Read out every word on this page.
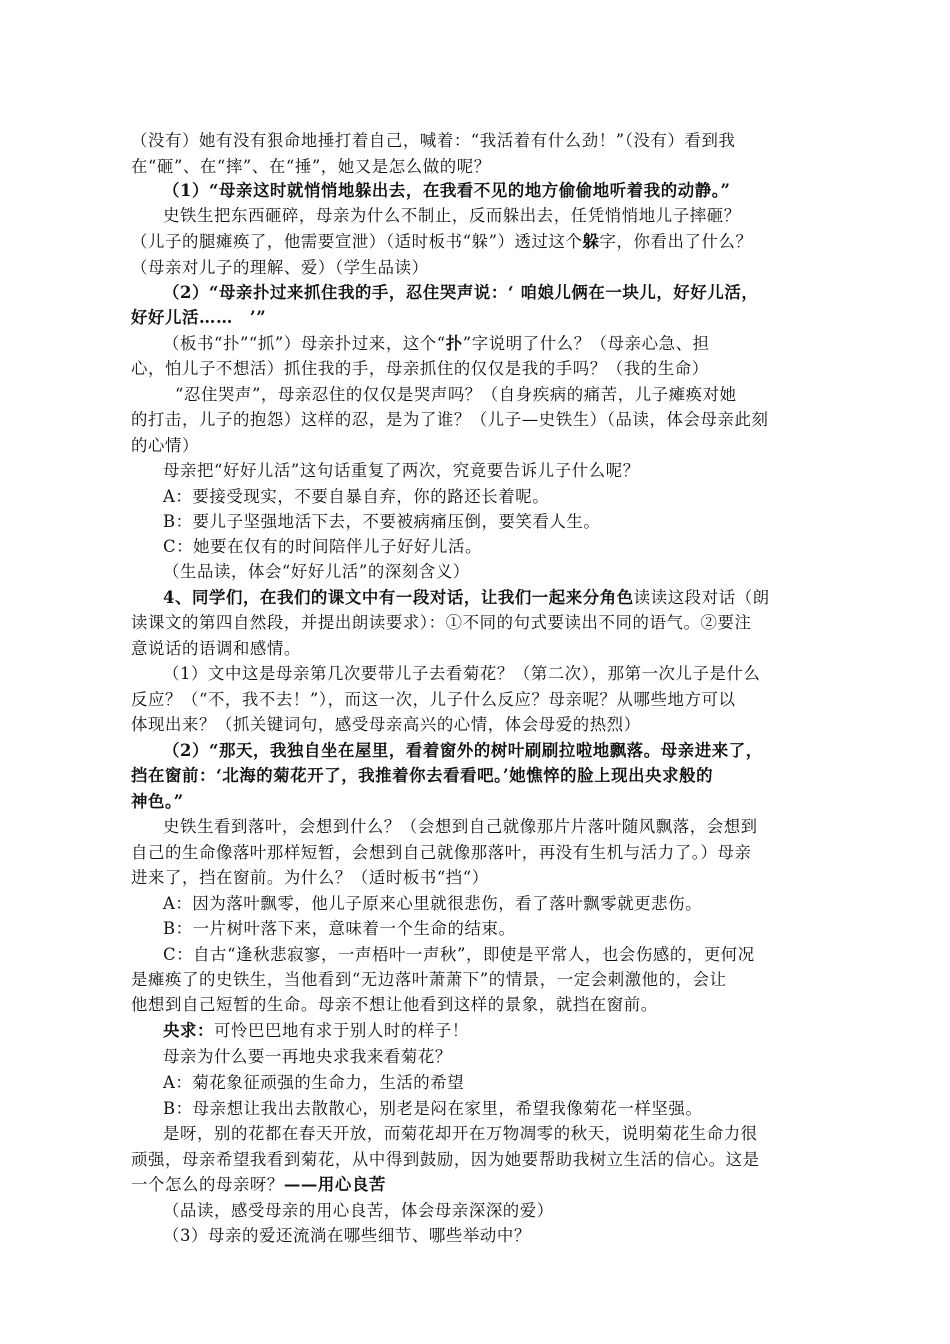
（没有）她有没有狠命地捶打着自己，喊着：“我活着有什么劲！”（没有）看到我
在“砸”、在“摔”、在“捶”，她又是怎么做的呢？
（1）“母亲这时就悄悄地躲出去，在我看不见的地方偷偷地听着我的动静。”
史铁生把东西砸碎，母亲为什么不制止，反而躲出去，任凭悄悄地儿子摔砸？
（儿子的腿瘫痪了，他需要宣泄）（适时板书“躲”）透过这个躲字，你看出了什么？
（母亲对儿子的理解、爱）（学生品读）
（2）“母亲扑过来抓住我的手，忍住哭声说：‘ 咱娘儿俩在一块儿，好好儿活，
好好儿活……　’”
（板书“扑”“抓”）母亲扑过来，这个“扑”字说明了什么？（母亲心急、担
心，怕儿子不想活）抓住我的手，母亲抓住的仅仅是我的手吗？（我的生命）
“忍住哭声”，母亲忍住的仅仅是哭声吗？（自身疾病的痛苦，儿子瘫痪对她
的打击，儿子的抱怨）这样的忍，是为了谁？（儿子—史铁生）（品读，体会母亲此刻
的心情）
母亲把“好好儿活”这句话重复了两次，究竟要告诉儿子什么呢？
A：要接受现实，不要自暴自弃，你的路还长着呢。
B：要儿子坚强地活下去，不要被病痛压倒，要笑看人生。
C：她要在仅有的时间陪伴儿子好好儿活。
（生品读，体会“好好儿活”的深刻含义）
4、同学们，在我们的课文中有一段对话，让我们一起来分角色读读这段对话（朗
读课文的第四自然段，并提出朗读要求）：①不同的句式要读出不同的语气。②要注
意说话的语调和感情。
（1）文中这是母亲第几次要带儿子去看菊花？（第二次），那第一次儿子是什么
反应？（“不，我不去！”），而这一次，儿子什么反应？母亲呢？从哪些地方可以
体现出来？（抓关键词句，感受母亲高兴的心情，体会母爱的热烈）
（2）“那天，我独自坐在屋里，看着窗外的树叶刷刷拉啦地飘落。母亲进来了，
挡在窗前：‘北海的菊花开了，我推着你去看看吧。’她憔悴的脸上现出央求般的
神色。”
史铁生看到落叶，会想到什么？（会想到自己就像那片片落叶随风飘落，会想到
自己的生命像落叶那样短暂，会想到自己就像那落叶，再没有生机与活力了。）母亲
进来了，挡在窗前。为什么？（适时板书“挡“）
A：因为落叶飘零，他儿子原来心里就很悲伤，看了落叶飘零就更悲伤。
B：一片树叶落下来，意味着一个生命的结束。
C：自古“逢秋悲寂寥，一声梧叶一声秋”，即使是平常人，也会伤感的，更何况
是瘫痪了的史铁生，当他看到“无边落叶萧萧下”的情景，一定会刺激他的，会让
他想到自己短暂的生命。母亲不想让他看到这样的景象，就挡在窗前。
央求：可怜巴巴地有求于别人时的样子！
母亲为什么要一再地央求我来看菊花？
A：菊花象征顽强的生命力，生活的希望
B：母亲想让我出去散散心，别老是闷在家里，希望我像菊花一样坚强。
是呀，别的花都在春天开放，而菊花却开在万物凋零的秋天，说明菊花生命力很
顽强，母亲希望我看到菊花，从中得到鼓励，因为她要帮助我树立生活的信心。这是
一个怎么的母亲呀？——用心良苦
（品读，感受母亲的用心良苦，体会母亲深深的爱）
（3）母亲的爱还流淌在哪些细节、哪些举动中？
